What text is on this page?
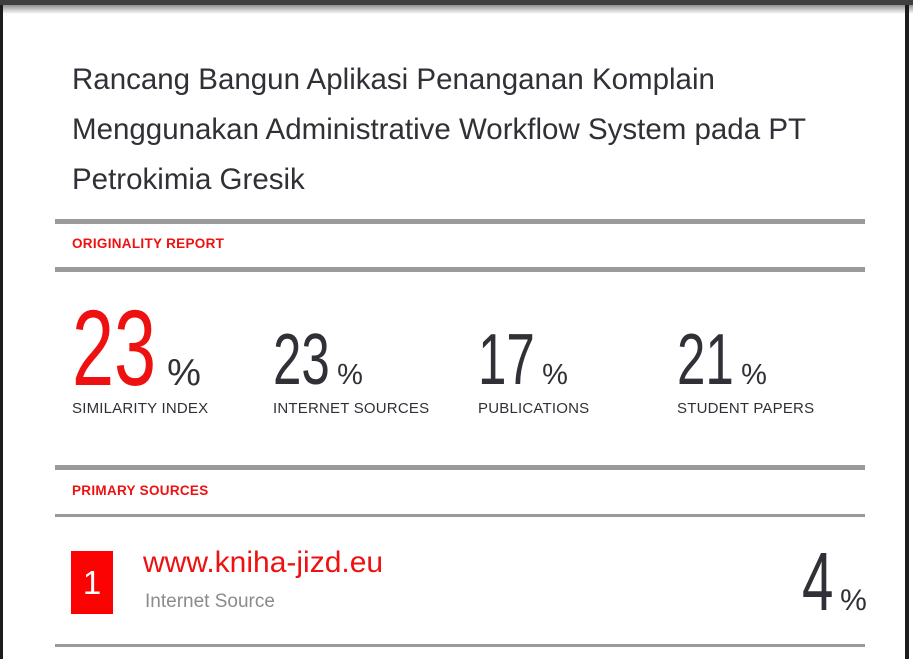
Rancang Bangun Aplikasi Penanganan Komplain Menggunakan Administrative Workflow System pada PT Petrokimia Gresik
ORIGINALITY REPORT
23 %
SIMILARITY INDEX
23 %
INTERNET SOURCES
17 %
PUBLICATIONS
21 %
STUDENT PAPERS
PRIMARY SOURCES
1
www.kniha-jizd.eu
Internet Source	4 %
